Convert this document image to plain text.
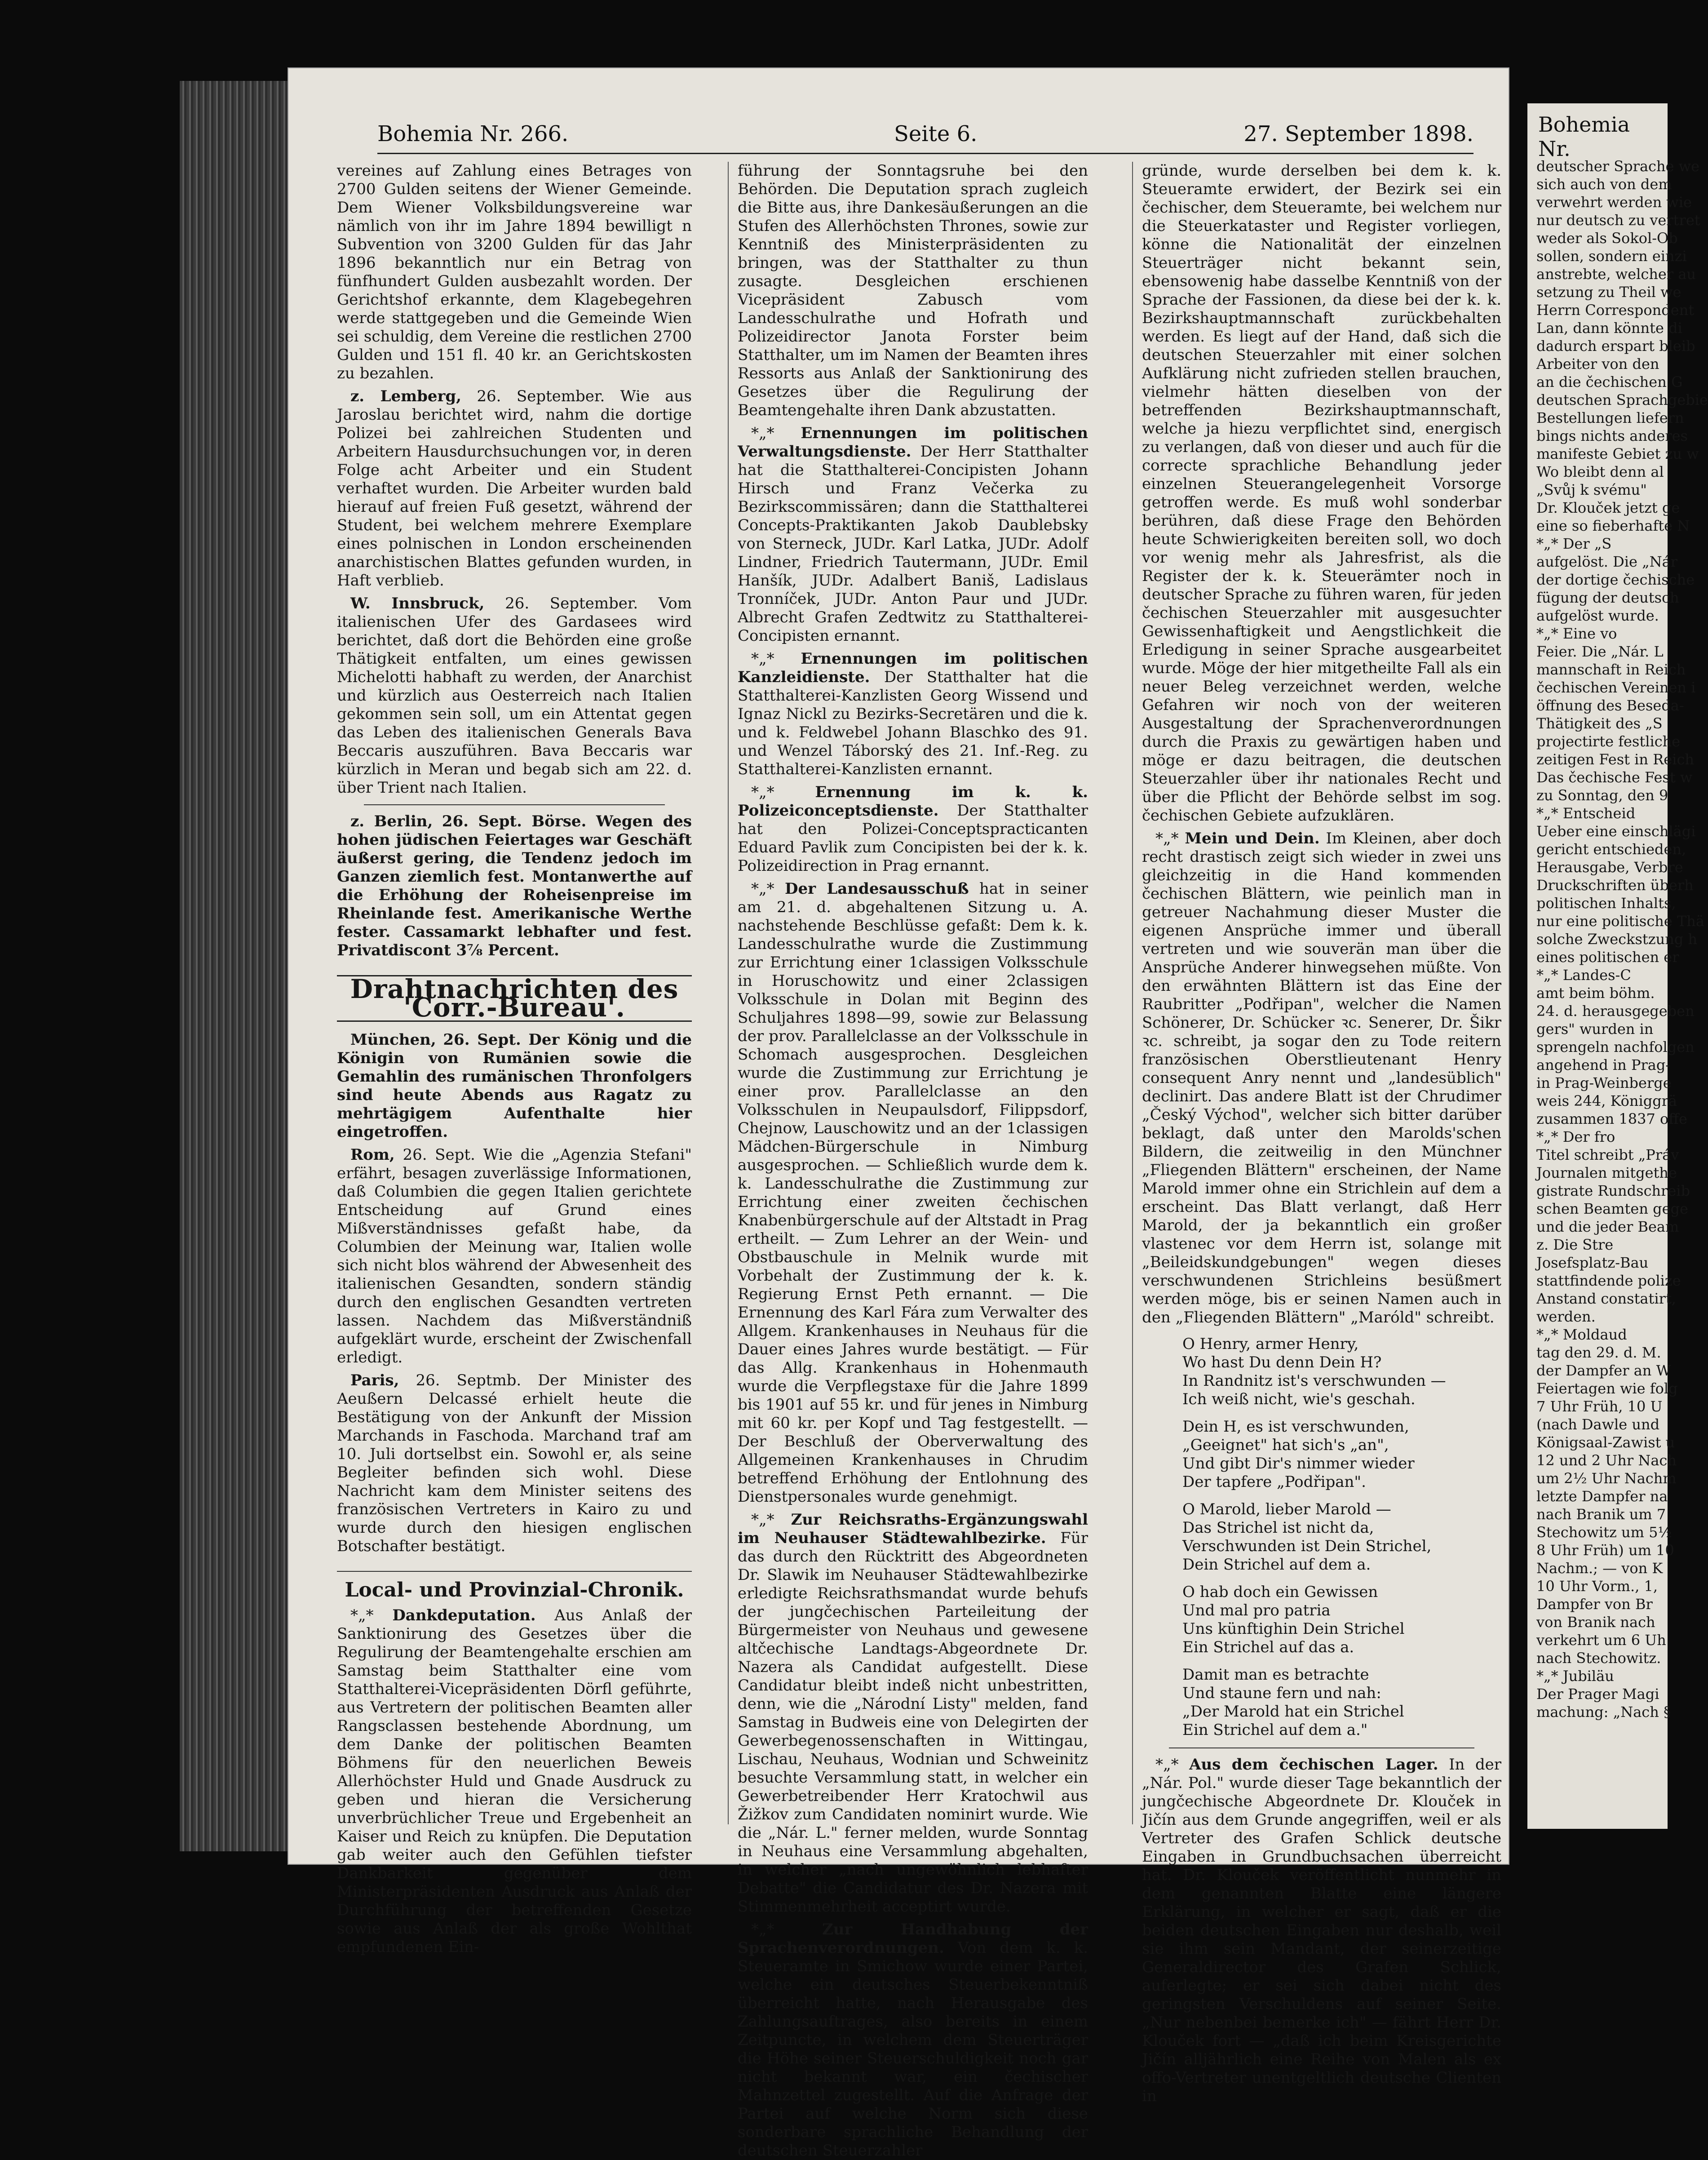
Bohemia Nr. 266.	Seite 6.	27. September 1898.

vereines auf Zahlung eines Betrages von 2700 Gulden seitens der Wiener Gemeinde. Dem Wiener Volksbildungsvereine war nämlich von ihr im Jahre 1894 bewilligt n Subvention von 3200 Gulden für das Jahr 1896 bekanntlich nur ein Betrag von fünfhundert Gulden ausbezahlt worden. Der Gerichtshof erkannte, dem Klagebegehren werde stattgegeben und die Gemeinde Wien sei schuldig, dem Vereine die restlichen 2700 Gulden und 151 fl. 40 kr. an Gerichtskosten zu bezahlen.

z. Lemberg, 26. September. Wie aus Jaroslau berichtet wird, nahm die dortige Polizei bei zahlreichen Studenten und Arbeitern Hausdurchsuchungen vor, in deren Folge acht Arbeiter und ein Student verhaftet wurden. Die Arbeiter wurden bald hierauf auf freien Fuß gesetzt, während der Student, bei welchem mehrere Exemplare eines polnischen in London erscheinenden anarchistischen Blattes gefunden wurden, in Haft verblieb.

W. Innsbruck, 26. September. Vom italienischen Ufer des Gardasees wird berichtet, daß dort die Behörden eine große Thätigkeit entfalten, um eines gewissen Michelotti habhaft zu werden, der Anarchist und kürzlich aus Oesterreich nach Italien gekommen sein soll, um ein Attentat gegen das Leben des italienischen Generals Bava Beccaris auszuführen. Bava Beccaris war kürzlich in Meran und begab sich am 22. d. über Trient nach Italien.

z. Berlin, 26. Sept. Börse. Wegen des hohen jüdischen Feiertages war Geschäft äußerst gering, die Tendenz jedoch im Ganzen ziemlich fest. Montanwerthe auf die Erhöhung der Roheisenpreise im Rheinlande fest. Amerikanische Werthe fester. Cassamarkt lebhafter und fest. Privatdiscont 3⅞ Percent.

Drahtnachrichten des 'Corr.-Bureau'.

München, 26. Sept. Der König und die Königin von Rumänien sowie die Gemahlin des rumänischen Thronfolgers sind heute Abends aus Ragatz zu mehrtägigem Aufenthalte hier eingetroffen.

Rom, 26. Sept. Wie die „Agenzia Stefani" erfährt, besagen zuverlässige Informationen, daß Columbien die gegen Italien gerichtete Entscheidung auf Grund eines Mißverständnisses gefaßt habe, da Columbien der Meinung war, Italien wolle sich nicht blos während der Abwesenheit des italienischen Gesandten, sondern ständig durch den englischen Gesandten vertreten lassen. Nachdem das Mißverständniß aufgeklärt wurde, erscheint der Zwischenfall erledigt.

Paris, 26. Septmb. Der Minister des Aeußern Delcassé erhielt heute die Bestätigung von der Ankunft der Mission Marchands in Faschoda. Marchand traf am 10. Juli dortselbst ein. Sowohl er, als seine Begleiter befinden sich wohl. Diese Nachricht kam dem Minister seitens des französischen Vertreters in Kairo zu und wurde durch den hiesigen englischen Botschafter bestätigt.

Local- und Provinzial-Chronik.

*„* Dankdeputation. Aus Anlaß der Sanktionirung des Gesetzes über die Regulirung der Beamtengehalte erschien am Samstag beim Statthalter eine vom Statthalterei-Vicepräsidenten Dörfl geführte, aus Vertretern der politischen Beamten aller Rangsclassen bestehende Abordnung, um dem Danke der politischen Beamten Böhmens für den neuerlichen Beweis Allerhöchster Huld und Gnade Ausdruck zu geben und hieran die Versicherung unverbrüchlicher Treue und Ergebenheit an Kaiser und Reich zu knüpfen. Die Deputation gab weiter auch den Gefühlen tiefster Dankbarkeit gegenüber dem Ministerpräsidenten Ausdruck aus Anlaß der Durchführung der betreffenden Gesetze sowie aus Anlaß der als große Wohlthat empfundenen Ein-

führung der Sonntagsruhe bei den Behörden. Die Deputation sprach zugleich die Bitte aus, ihre Dankesäußerungen an die Stufen des Allerhöchsten Thrones, sowie zur Kenntniß des Ministerpräsidenten zu bringen, was der Statthalter zu thun zusagte. Desgleichen erschienen Vicepräsident Zabusch vom Landesschulrathe und Hofrath und Polizeidirector Janota Forster beim Statthalter, um im Namen der Beamten ihres Ressorts aus Anlaß der Sanktionirung des Gesetzes über die Regulirung der Beamtengehalte ihren Dank abzustatten.

*„* Ernennungen im politischen Verwaltungsdienste. Der Herr Statthalter hat die Statthalterei-Concipisten Johann Hirsch und Franz Večerka zu Bezirkscommissären; dann die Statthalterei Concepts-Praktikanten Jakob Daublebsky von Sterneck, JUDr. Karl Latka, JUDr. Adolf Lindner, Friedrich Tautermann, JUDr. Emil Hanšík, JUDr. Adalbert Baniš, Ladislaus Tronníček, JUDr. Anton Paur und JUDr. Albrecht Grafen Zedtwitz zu Statthalterei-Concipisten ernannt.

*„* Ernennungen im politischen Kanzleidienste. Der Statthalter hat die Statthalterei-Kanzlisten Georg Wissend und Ignaz Nickl zu Bezirks-Secretären und die k. und k. Feldwebel Johann Blaschko des 91. und Wenzel Táborský des 21. Inf.-Reg. zu Statthalterei-Kanzlisten ernannt.

*„* Ernennung im k. k. Polizeiconceptsdienste. Der Statthalter hat den Polizei-Conceptspracticanten Eduard Pavlik zum Concipisten bei der k. k. Polizeidirection in Prag ernannt.

*„* Der Landesausschuß hat in seiner am 21. d. abgehaltenen Sitzung u. A. nachstehende Beschlüsse gefaßt: Dem k. k. Landesschulrathe wurde die Zustimmung zur Errichtung einer 1classigen Volksschule in Horuschowitz und einer 2classigen Volksschule in Dolan mit Beginn des Schuljahres 1898—99, sowie zur Belassung der prov. Parallelclasse an der Volksschule in Schomach ausgesprochen. Desgleichen wurde die Zustimmung zur Errichtung je einer prov. Parallelclasse an den Volksschulen in Neupaulsdorf, Filippsdorf, Chejnow, Lauschowitz und an der 1classigen Mädchen-Bürgerschule in Nimburg ausgesprochen. — Schließlich wurde dem k. k. Landesschulrathe die Zustimmung zur Errichtung einer zweiten čechischen Knabenbürgerschule auf der Altstadt in Prag ertheilt. — Zum Lehrer an der Wein- und Obstbauschule in Melnik wurde mit Vorbehalt der Zustimmung der k. k. Regierung Ernst Peth ernannt. — Die Ernennung des Karl Fára zum Verwalter des Allgem. Krankenhauses in Neuhaus für die Dauer eines Jahres wurde bestätigt. — Für das Allg. Krankenhaus in Hohenmauth wurde die Verpflegstaxe für die Jahre 1899 bis 1901 auf 55 kr. und für jenes in Nimburg mit 60 kr. per Kopf und Tag festgestellt. — Der Beschluß der Oberverwaltung des Allgemeinen Krankenhauses in Chrudim betreffend Erhöhung der Entlohnung des Dienstpersonales wurde genehmigt.

*„* Zur Reichsraths-Ergänzungswahl im Neuhauser Städtewahlbezirke. Für das durch den Rücktritt des Abgeordneten Dr. Slawik im Neuhauser Städtewahlbezirke erledigte Reichsrathsmandat wurde behufs der jungčechischen Parteileitung der Bürgermeister von Neuhaus und gewesene altčechische Landtags-Abgeordnete Dr. Nazera als Candidat aufgestellt. Diese Candidatur bleibt indeß nicht unbestritten, denn, wie die „Národní Listy" melden, fand Samstag in Budweis eine von Delegirten der Gewerbegenossenschaften in Wittingau, Lischau, Neuhaus, Wodnian und Schweinitz besuchte Versammlung statt, in welcher ein Gewerbetreibender Herr Kratochwil aus Žižkov zum Candidaten nominirt wurde. Wie die „Nár. L." ferner melden, wurde Sonntag in Neuhaus eine Versammlung abgehalten, in welcher „nach ungewöhnlich lebhafter Debatte" die Candidatur des Dr. Nazera mit Stimmenmehrheit acceptirt wurde.

*„* Zur Handhabung der Sprachenverordnungen. Von dem k. k. Steueramte in Smichow wurde einer Partei, welche ein deutsches Steuerbekenntniß überreicht hatte, nach Herausgabe des Zahlungsauftrages, also bereits in einem Zeitpuncte, in welchem dem Steuerträger die Höhe seiner Steuerschuldigkeit noch gar nicht bekannt war, ein čechischer Mahnzettel zugestellt. Auf die Anfrage der Partei auf welche Norm sich diese sonderbare sprachliche Behandlung der deutschen Steuerzahler

gründe, wurde derselben bei dem k. k. Steueramte erwidert, der Bezirk sei ein čechischer, dem Steueramte, bei welchem nur die Steuerkataster und Register vorliegen, könne die Nationalität der einzelnen Steuerträger nicht bekannt sein, ebensowenig habe dasselbe Kenntniß von der Sprache der Fassionen, da diese bei der k. k. Bezirkshauptmannschaft zurückbehalten werden. Es liegt auf der Hand, daß sich die deutschen Steuerzahler mit einer solchen Aufklärung nicht zufrieden stellen brauchen, vielmehr hätten dieselben von der betreffenden Bezirkshauptmannschaft, welche ja hiezu verpflichtet sind, energisch zu verlangen, daß von dieser und auch für die correcte sprachliche Behandlung jeder einzelnen Steuerangelegenheit Vorsorge getroffen werde. Es muß wohl sonderbar berühren, daß diese Frage den Behörden heute Schwierigkeiten bereiten soll, wo doch vor wenig mehr als Jahresfrist, als die Register der k. k. Steuerämter noch in deutscher Sprache zu führen waren, für jeden čechischen Steuerzahler mit ausgesuchter Gewissenhaftigkeit und Aengstlichkeit die Erledigung in seiner Sprache ausgearbeitet wurde. Möge der hier mitgetheilte Fall als ein neuer Beleg verzeichnet werden, welche Gefahren wir noch von der weiteren Ausgestaltung der Sprachenverordnungen durch die Praxis zu gewärtigen haben und möge er dazu beitragen, die deutschen Steuerzahler über ihr nationales Recht und über die Pflicht der Behörde selbst im sog. čechischen Gebiete aufzuklären.

*„* Mein und Dein. Im Kleinen, aber doch recht drastisch zeigt sich wieder in zwei uns gleichzeitig in die Hand kommenden čechischen Blättern, wie peinlich man in getreuer Nachahmung dieser Muster die eigenen Ansprüche immer und überall vertreten und wie souverän man über die Ansprüche Anderer hinwegsehen müßte. Von den erwähnten Blättern ist das Eine der Raubritter „Podřipan", welcher die Namen Schönerer, Dr. Schücker ꝛc. Senerer, Dr. Šikr ꝛc. schreibt, ja sogar den zu Tode reitern französischen Oberstlieutenant Henry consequent Anry nennt und „landesüblich" declinirt. Das andere Blatt ist der Chrudimer „Český Východ", welcher sich bitter darüber beklagt, daß unter den Marolds'schen Bildern, die zeitweilig in den Münchner „Fliegenden Blättern" erscheinen, der Name Marold immer ohne ein Strichlein auf dem a erscheint. Das Blatt verlangt, daß Herr Marold, der ja bekanntlich ein großer vlastenec vor dem Herrn ist, solange mit „Beileidskundgebungen" wegen dieses verschwundenen Strichleins besüßmert werden möge, bis er seinen Namen auch in den „Fliegenden Blättern" „Maróld" schreibt.

O Henry, armer Henry,
Wo hast Du denn Dein H?
In Randnitz ist's verschwunden —
Ich weiß nicht, wie's geschah.
Dein H, es ist verschwunden,
„Geeignet" hat sich's „an",
Und gibt Dir's nimmer wieder
Der tapfere „Podřipan".
O Marold, lieber Marold —
Das Strichel ist nicht da,
Verschwunden ist Dein Strichel,
Dein Strichel auf dem a.
O hab doch ein Gewissen
Und mal pro patria
Uns künftighin Dein Strichel
Ein Strichel auf das a.
Damit man es betrachte
Und staune fern und nah:
„Der Marold hat ein Strichel
Ein Strichel auf dem a."

*„* Aus dem čechischen Lager. In der „Nár. Pol." wurde dieser Tage bekanntlich der jungčechische Abgeordnete Dr. Klouček in Jičín aus dem Grunde angegriffen, weil er als Vertreter des Grafen Schlick deutsche Eingaben in Grundbuchsachen überreicht hat. Dr. Klouček veröffentlicht nunmehr in dem genannten Blatte eine längere Erklärung, in welcher er sagt, daß er die beiden deutschen Eingaben nur deshalb, weil sie ihm sein Mandant, der seinerzeitige Generaldirector des Grafen Schlick, auferlegte; er sei sich dabei nicht des geringsten Verschuldens auf seiner Seite. „Nur nebenbei bemerke ich" — fährt Herr Dr. Klouček fort — „daß ich beim Kreisgerichte Jičín alljährlich eine Reihe von Malen als ex offo-Vertreter unentgeltlich deutsche Clienten in

Bohemia Nr.
deutscher Sprache we
sich auch von dem
verwehrt werden wie
nur deutsch zu vertret
weder als Sokol-Ob
sollen, sondern einzi
anstrebte, welcher au
setzung zu Theil we
Herrn Correspondent
Lan, dann könnte di
dadurch erspart bleib
Arbeiter von den
an die čechischen G
deutschen Sprachgebie
Bestellungen liefern
bings nichts anderes
manifeste Gebiet zu w
Wo bleibt denn al
„Svůj k svému"
Dr. Klouček jetzt ge
eine so fieberhafte N
*„* Der „S
aufgelöst. Die „Nár
der dortige čechische
fügung der deutsch
aufgelöst wurde.
*„* Eine vo
Feier. Die „Nár. L
mannschaft in Reich
čechischen Vereinen i
öffnung des Beseda-
Thätigkeit des „S
projectirte festliche
zeitigen Fest in Reich
Das čechische Fest w
zu Sonntag, den 9
*„* Entscheid
Ueber eine einschlägi
gericht entschieden,
Herausgabe, Verbre
Druckschriften überh
politischen Inhalts,
nur eine politische Thä
solche Zweckstzung h
eines politischen er
*„* Landes-C
amt beim böhm.
24. d. herausgegeben
gers" wurden in
sprengeln nachfolgen
angehend in Prag-
in Prag-Weinberge
weis 244, Königgrä
zusammen 1837 offe
*„* Der fro
Titel schreibt „Práv
Journalen mitgethe
gistrate Rundschreib
schen Beamten gege
und die jeder Beam
z. Die Stre
Josefsplatz-Bau
stattfindende polize
Anstand constatirt,
werden.
*„* Moldaud
tag den 29. d. M.
der Dampfer an W
Feiertagen wie folg
7 Uhr Früh, 10 U
(nach Dawle und
Königsaal-Zawist u
12 und 2 Uhr Nach
um 2½ Uhr Nachm
letzte Dampfer na
nach Branik um 7
Stechowitz um 5½
8 Uhr Früh) um 10
Nachm.; — von K
10 Uhr Vorm., 1,
Dampfer von Br
von Branik nach
verkehrt um 6 Uh
nach Stechowitz.
*„* Jubiläu
Der Prager Magi
machung: „Nach §
